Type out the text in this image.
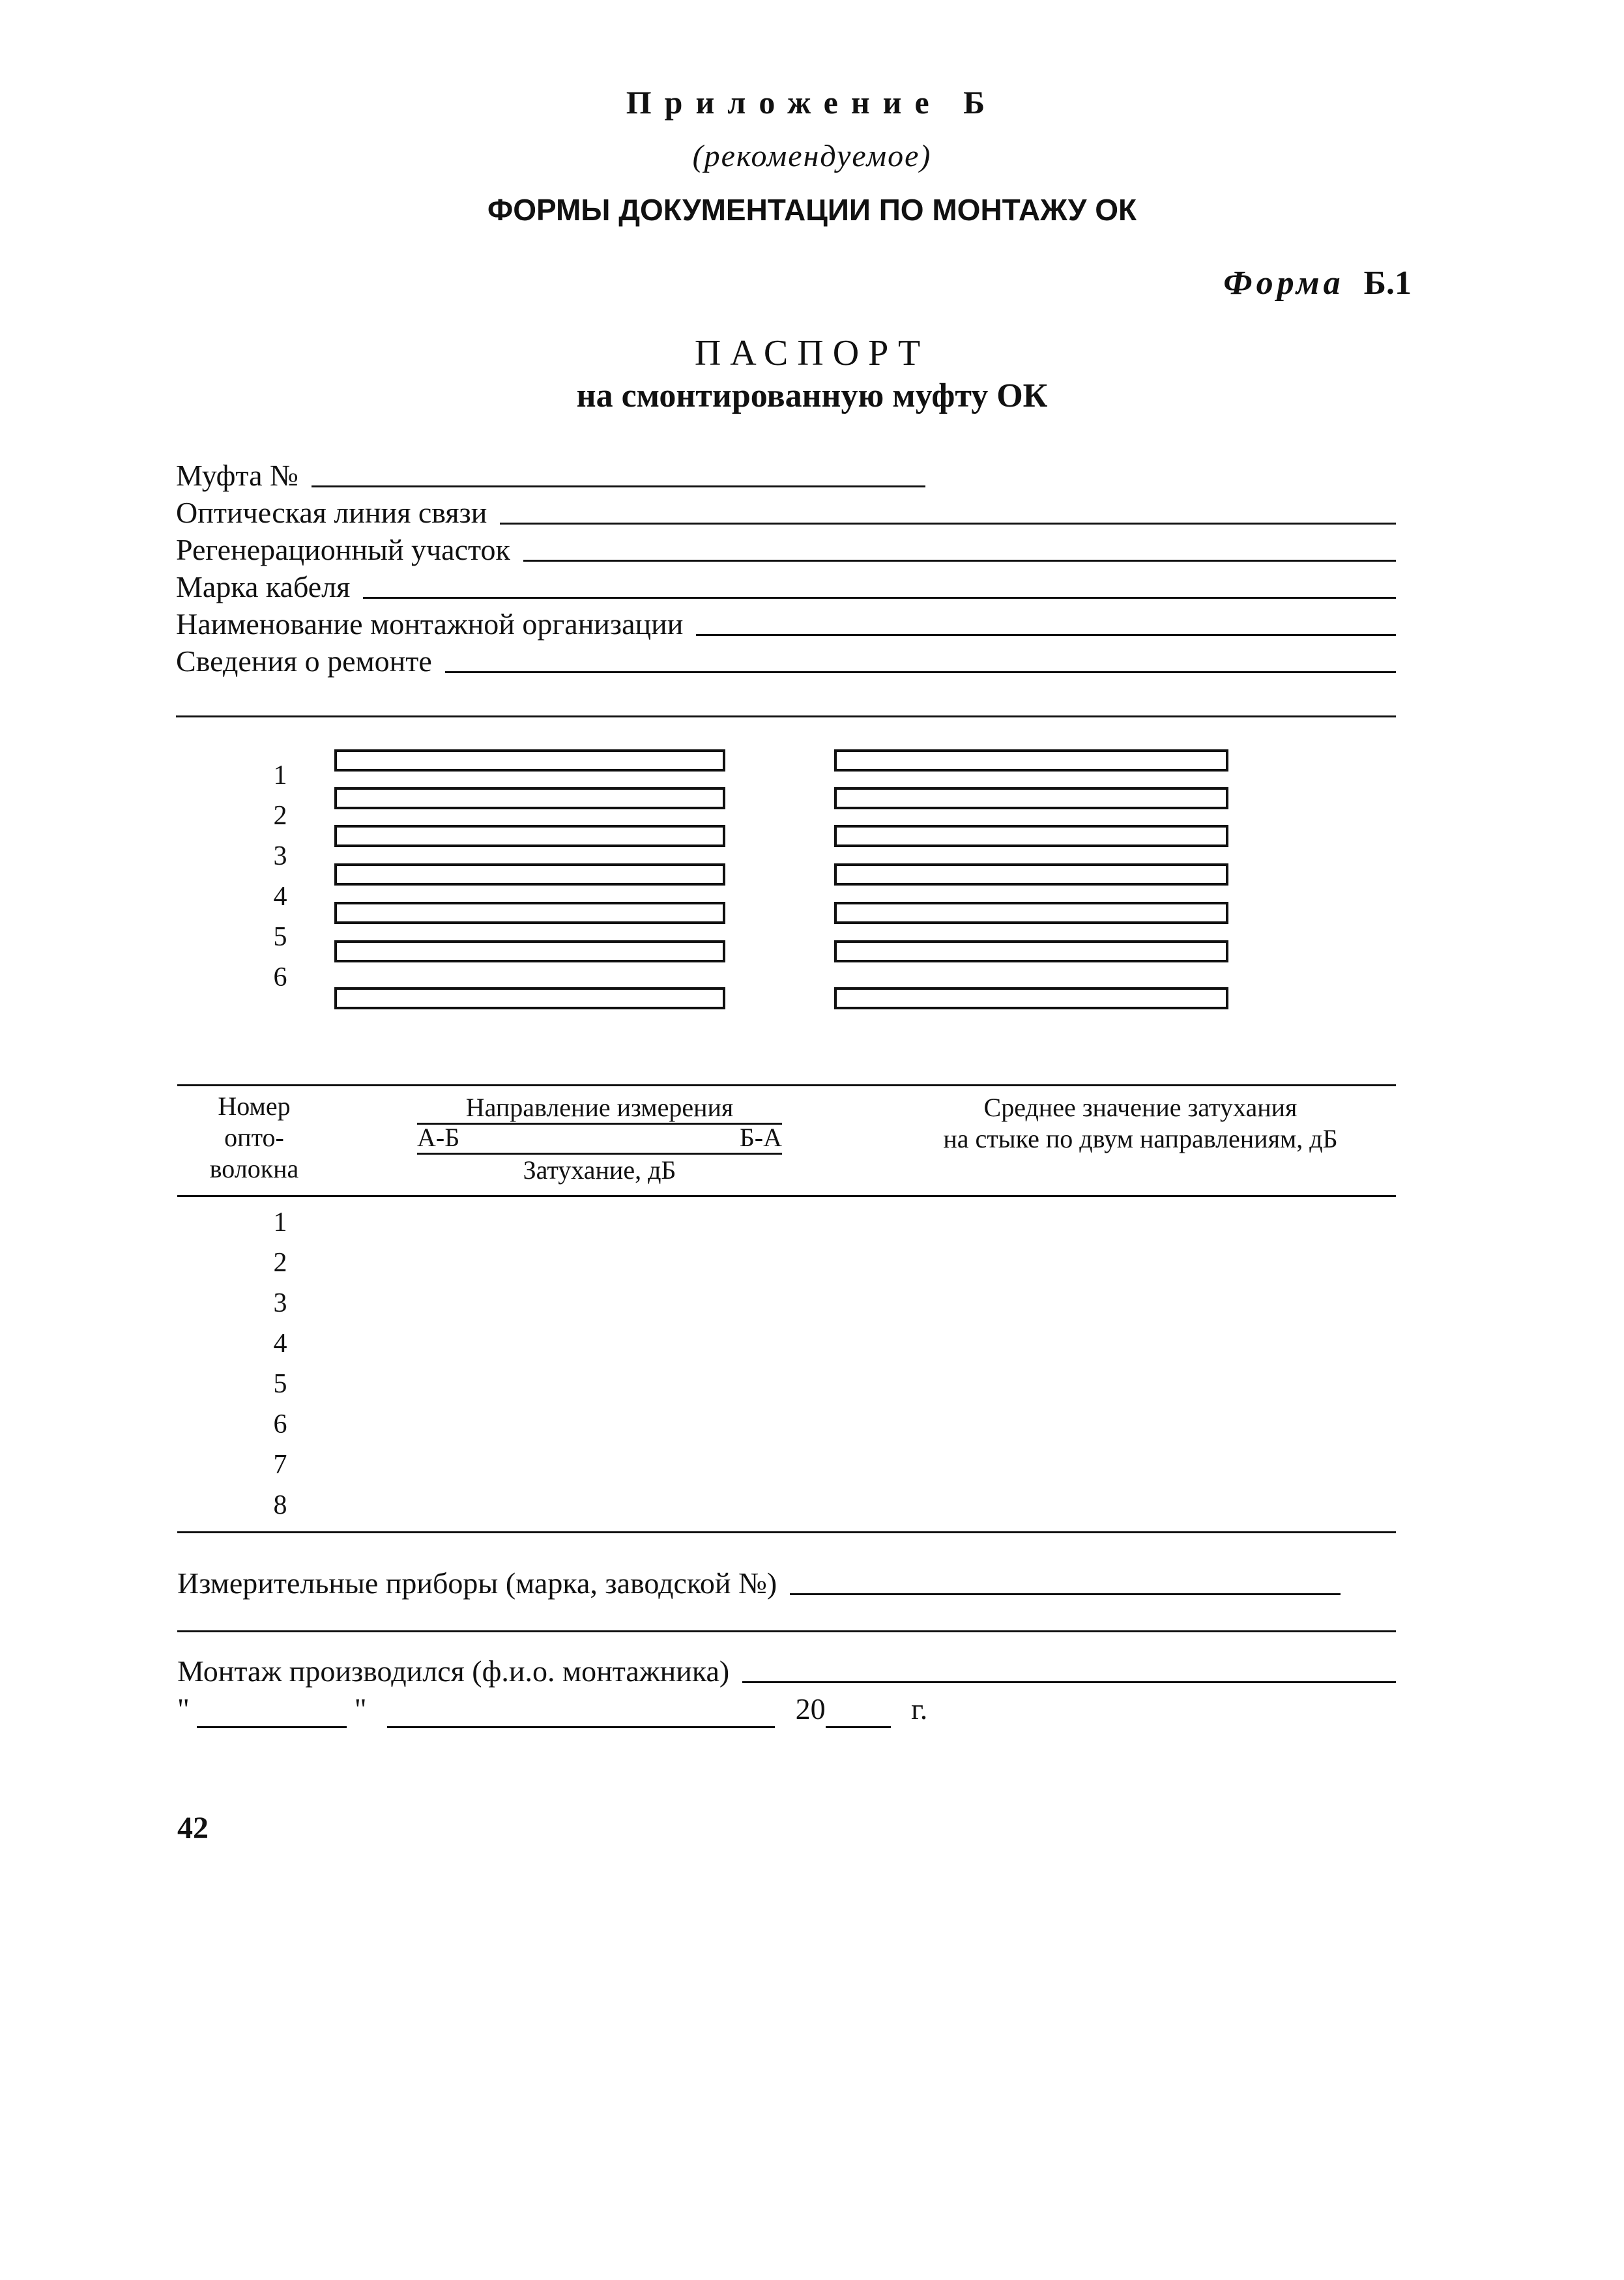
Приложение Б
(рекомендуемое)
ФОРМЫ ДОКУМЕНТАЦИИ ПО МОНТАЖУ ОК
Форма Б.1
ПАСПОРТ
на смонтированную муфту ОК
Муфта №
Оптическая линия связи
Регенерационный участок
Марка кабеля
Наименование монтажной организации
Сведения о ремонте
1
2
3
4
5
6
Номер
опто-
волокна
Направление измерения
А-Б	Б-А
Затухание, дБ
Среднее значение затухания
на стыке по двум направлениям, дБ
1
2
3
4
5
6
7
8
Измерительные приборы (марка, заводской №)
Монтаж производился (ф.и.о. монтажника)
"	"	20	г.
42
